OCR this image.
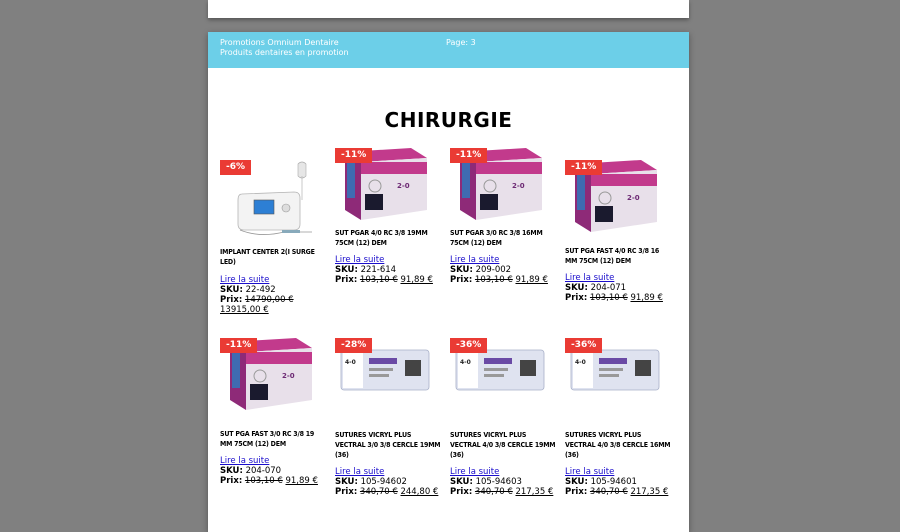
Promotions Omnium Dentaire
Produits dentaires en promotion
Page: 3
CHIRURGIE
-6%
IMPLANT CENTER 2(I SURGE LED)
Lire la suite
SKU: 22-492
Prix: 14790,00 € 13915,00 €
2-0
-11%
SUT PGAR 4/0 RC 3/8 19MM 75CM (12) DEM
Lire la suite
SKU: 221-614
Prix: 103,10 € 91,89 €
2-0
-11%
SUT PGAR 3/0 RC 3/8 16MM 75CM (12) DEM
Lire la suite
SKU: 209-002
Prix: 103,10 € 91,89 €
2-0
-11%
SUT PGA FAST 4/0 RC 3/8 16 MM 75CM (12) DEM
Lire la suite
SKU: 204-071
Prix: 103,10 € 91,89 €
2-0
-11%
SUT PGA FAST 3/0 RC 3/8 19 MM 75CM (12) DEM
Lire la suite
SKU: 204-070
Prix: 103,10 € 91,89 €
4-0
-28%
SUTURES VICRYL PLUS VECTRAL 3/0 3/8 CERCLE 19MM (36)
Lire la suite
SKU: 105-94602
Prix: 340,70 € 244,80 €
4-0
-36%
SUTURES VICRYL PLUS VECTRAL 4/0 3/8 CERCLE 19MM (36)
Lire la suite
SKU: 105-94603
Prix: 340,70 € 217,35 €
4-0
-36%
SUTURES VICRYL PLUS VECTRAL 4/0 3/8 CERCLE 16MM (36)
Lire la suite
SKU: 105-94601
Prix: 340,70 € 217,35 €
